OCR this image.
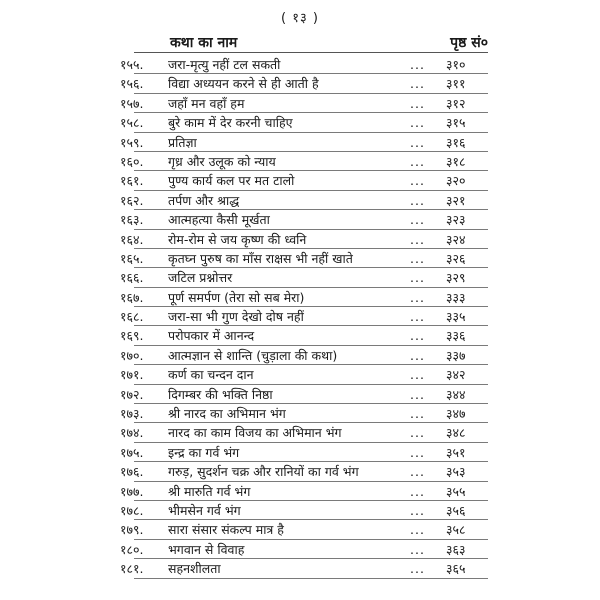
( १३ )
कथा का नाम	पृष्ठ सं०
१५५. जरा-मृत्यु नहीं टल सकती	... ३१०
१५६. विद्या अध्ययन करने से ही आती है	... ३११
१५७. जहाँ मन वहाँ हम	... ३१२
१५८. बुरे काम में देर करनी चाहिए	... ३१५
१५९. प्रतिज्ञा	... ३१६
१६०. गृध्र और उलूक को न्याय	... ३१८
१६१. पुण्य कार्य कल पर मत टालो	... ३२०
१६२. तर्पण और श्राद्ध	... ३२१
१६३. आत्महत्या कैसी मूर्खता	... ३२३
१६४. रोम-रोम से जय कृष्ण की ध्वनि	... ३२४
१६५. कृतघ्न पुरुष का माँस राक्षस भी नहीं खाते	... ३२६
१६६. जटिल प्रश्नोत्तर	... ३२९
१६७. पूर्ण समर्पण (तेरा सो सब मेरा)	... ३३३
१६८. जरा-सा भी गुण देखो दोष नहीं	... ३३५
१६९. परोपकार में आनन्द	... ३३६
१७०. आत्मज्ञान से शान्ति (चुड़ाला की कथा)	... ३३७
१७१. कर्ण का चन्दन दान	... ३४२
१७२. दिगम्बर की भक्ति निष्ठा	... ३४४
१७३. श्री नारद का अभिमान भंग	... ३४७
१७४. नारद का काम विजय का अभिमान भंग	... ३४८
१७५. इन्द्र का गर्व भंग	... ३५१
१७६. गरुड़, सुदर्शन चक्र और रानियों का गर्व भंग	... ३५३
१७७. श्री मारुति गर्व भंग	... ३५५
१७८. भीमसेन गर्व भंग	... ३५६
१७९. सारा संसार संकल्प मात्र है	... ३५८
१८०. भगवान से विवाह	... ३६३
१८१. सहनशीलता	... ३६५
